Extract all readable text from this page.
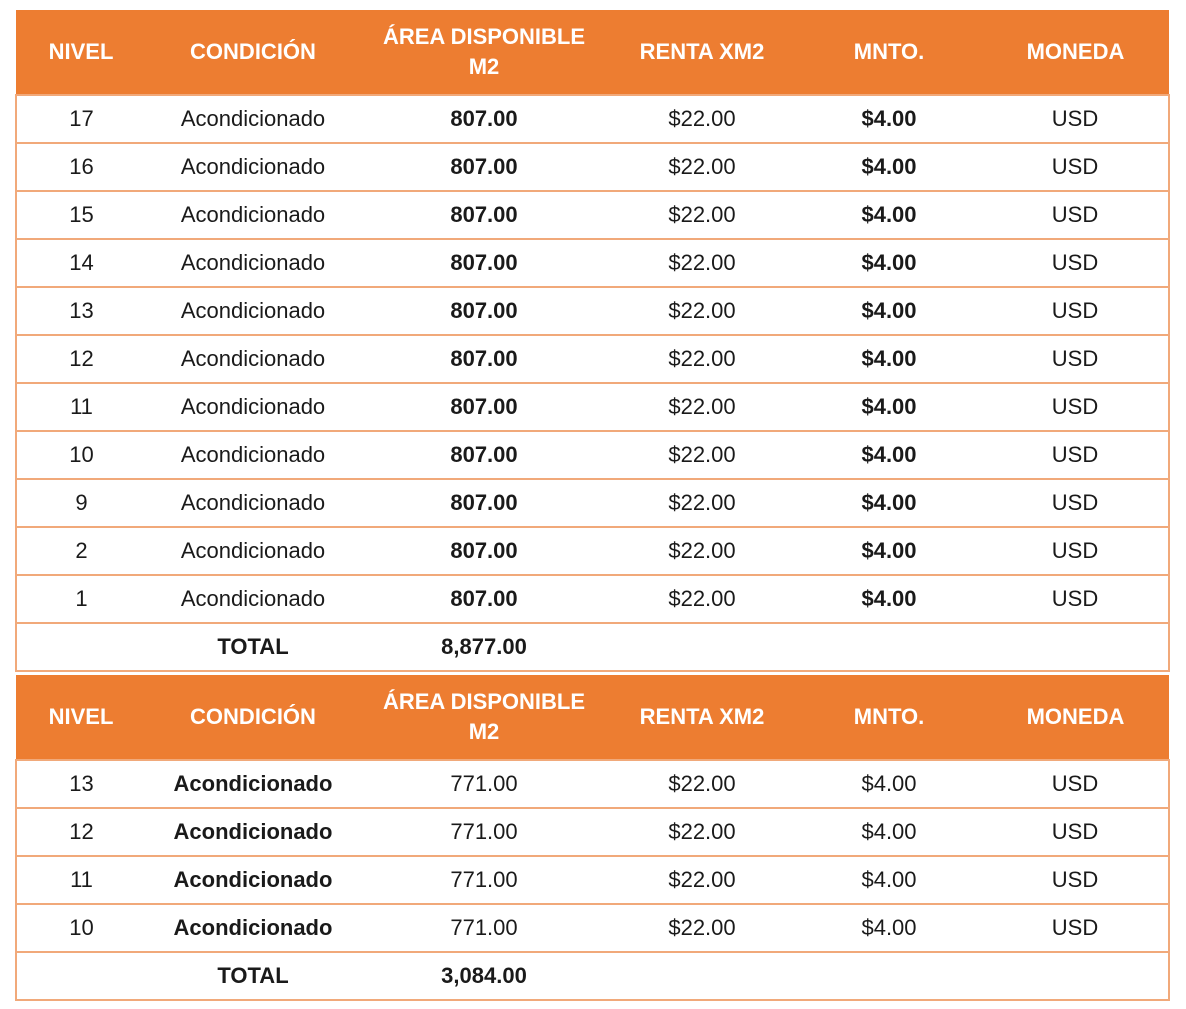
NIVEL	CONDICIÓN	ÁREA DISPONIBLE M2	RENTA XM2	MNTO.	MONEDA
17	Acondicionado	807.00	$22.00	$4.00	USD
16	Acondicionado	807.00	$22.00	$4.00	USD
15	Acondicionado	807.00	$22.00	$4.00	USD
14	Acondicionado	807.00	$22.00	$4.00	USD
13	Acondicionado	807.00	$22.00	$4.00	USD
12	Acondicionado	807.00	$22.00	$4.00	USD
11	Acondicionado	807.00	$22.00	$4.00	USD
10	Acondicionado	807.00	$22.00	$4.00	USD
9	Acondicionado	807.00	$22.00	$4.00	USD
2	Acondicionado	807.00	$22.00	$4.00	USD
1	Acondicionado	807.00	$22.00	$4.00	USD
	TOTAL	8,877.00			
NIVEL	CONDICIÓN	ÁREA DISPONIBLE M2	RENTA XM2	MNTO.	MONEDA
13	Acondicionado	771.00	$22.00	$4.00	USD
12	Acondicionado	771.00	$22.00	$4.00	USD
11	Acondicionado	771.00	$22.00	$4.00	USD
10	Acondicionado	771.00	$22.00	$4.00	USD
	TOTAL	3,084.00			
